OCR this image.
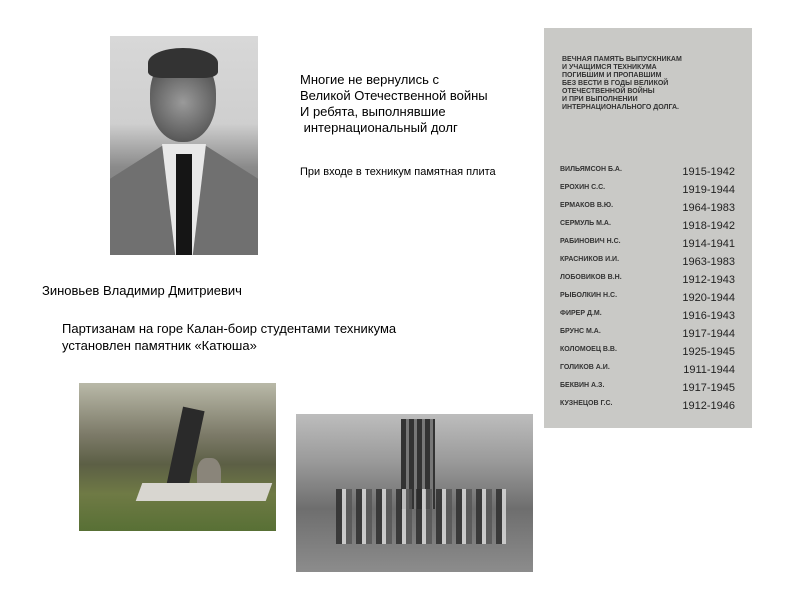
Многие не вернулись с
Великой Отечественной войны
И ребята, выполнявшие
интернациональный долг
При входе в техникум памятная плита
Зиновьев Владимир Дмитриевич
Партизанам на горе Калан-боир студентами техникума
установлен памятник «Катюша»
ВЕЧНАЯ ПАМЯТЬ ВЫПУСКНИКАМ
И УЧАЩИМСЯ ТЕХНИКУМА
ПОГИБШИМ И ПРОПАВШИМ
БЕЗ ВЕСТИ В ГОДЫ ВЕЛИКОЙ
ОТЕЧЕСТВЕННОЙ ВОЙНЫ
И ПРИ ВЫПОЛНЕНИИ
ИНТЕРНАЦИОНАЛЬНОГО ДОЛГА.
ВИЛЬЯМСОН Б.А.	1915-1942
ЕРОХИН С.С.	1919-1944
ЕРМАКОВ В.Ю.	1964-1983
СЕРМУЛЬ М.А.	1918-1942
РАБИНОВИЧ Н.С.	1914-1941
КРАСНИКОВ И.И.	1963-1983
ЛОБОВИКОВ В.Н.	1912-1943
РЫБОЛКИН Н.С.	1920-1944
ФИРЕР Д.М.	1916-1943
БРУНС М.А.	1917-1944
КОЛОМОЕЦ В.В.	1925-1945
ГОЛИКОВ А.И.	1911-1944
БЕКВИН А.З.	1917-1945
КУЗНЕЦОВ Г.С.	1912-1946
